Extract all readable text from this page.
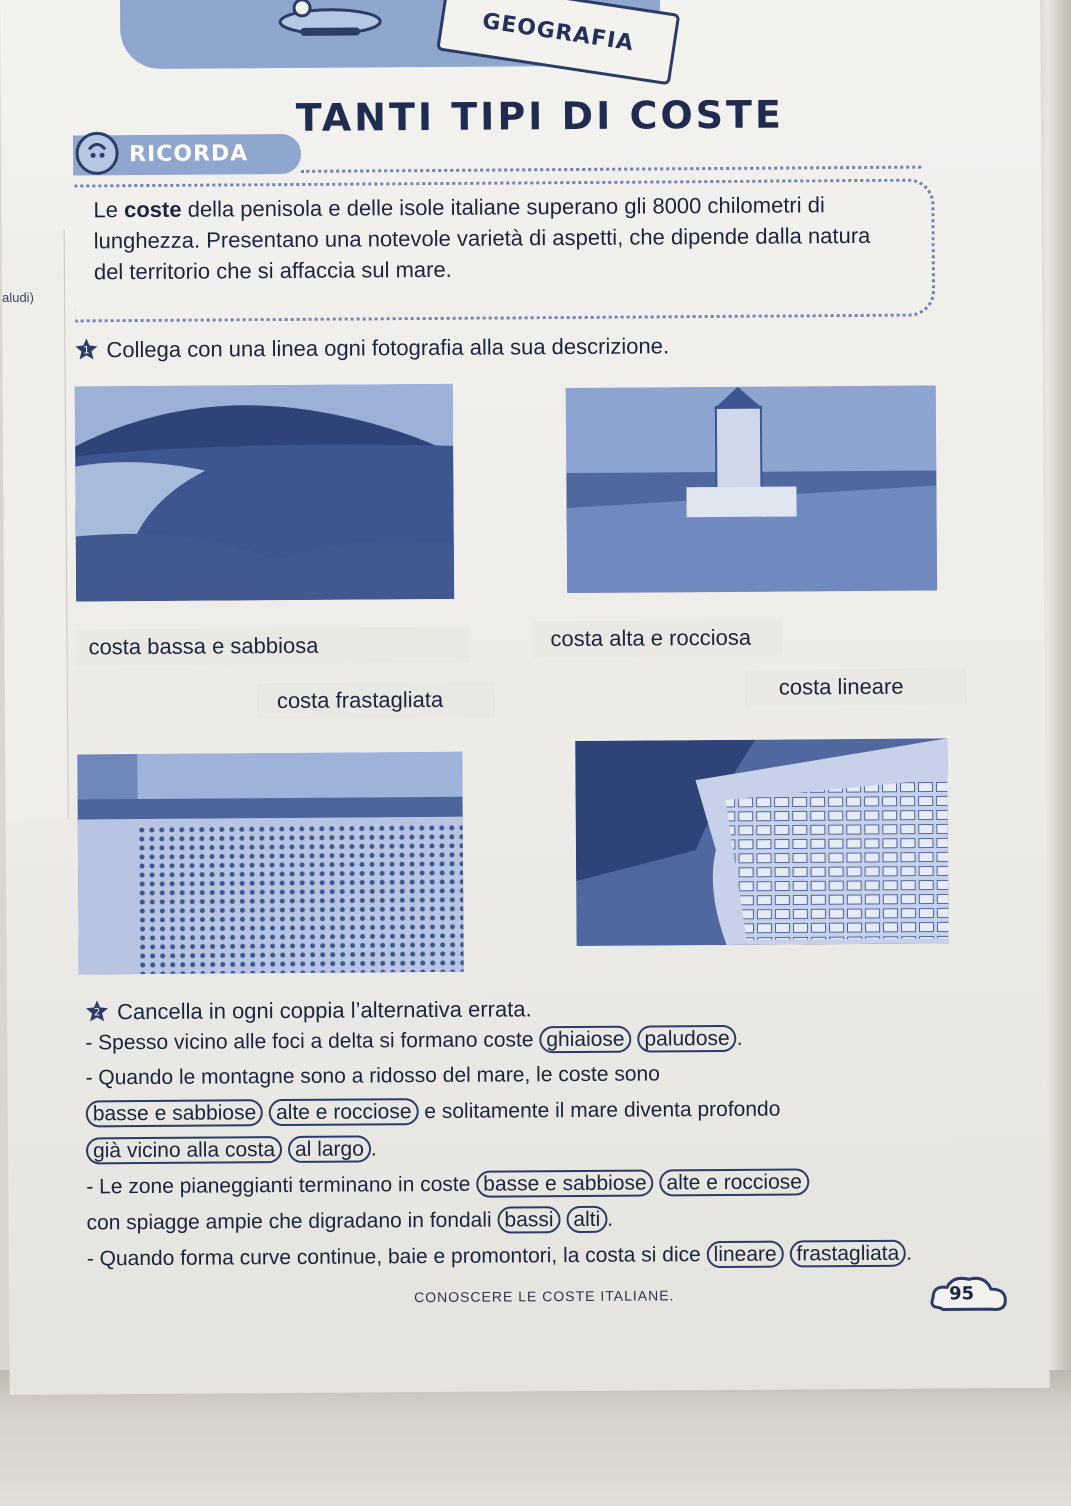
aludi)
GEOGRAFIA
TANTI TIPI DI COSTE
RICORDA
Le coste della penisola e delle isole italiane superano gli 8000 chilometri di lunghezza. Presentano una notevole varietà di aspetti, che dipende dalla natura del territorio che si affaccia sul mare.
1 Collega con una linea ogni fotografia alla sua descrizione.
costa bassa e sabbiosa	costa alta e rocciosa
costa frastagliata
costa lineare
2 Cancella in ogni coppia l’alternativa errata.
- Spesso vicino alle foci a delta si formano coste ghiaiose paludose .
- Quando le montagne sono a ridosso del mare, le coste sono
basse e sabbiose alte e rocciose e solitamente il mare diventa profondo
già vicino alla costa al largo .
- Le zone pianeggianti terminano in coste basse e sabbiose alte e rocciose
con spiagge ampie che digradano in fondali bassi alti .
- Quando forma curve continue, baie e promontori, la costa si dice lineare frastagliata .
CONOSCERE LE COSTE ITALIANE.	95
